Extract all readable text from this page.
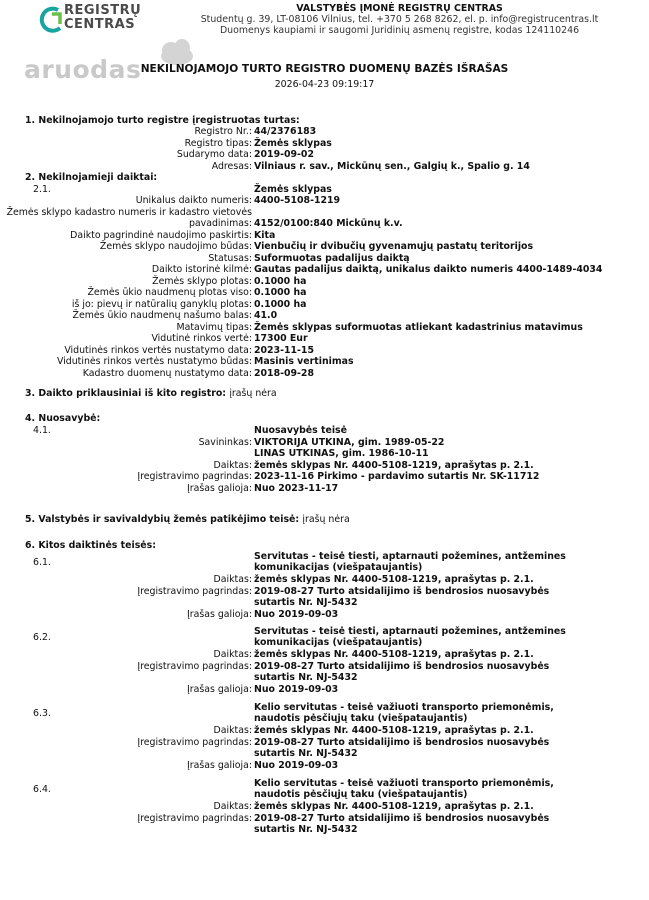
REGISTRŲ
CENTRAS
VALSTYBĖS ĮMONĖ REGISTRŲ CENTRAS
Studentų g. 39, LT-08106 Vilnius, tel. +370 5 268 8262, el. p. info@registrucentras.lt
Duomenys kaupiami ir saugomi Juridinių asmenų registre, kodas 124110246
aruodas NEKILNOJAMOJO TURTO REGISTRO DUOMENŲ BAZĖS IŠRAŠAS
2026-04-23 09:19:17
1. Nekilnojamojo turto registre įregistruotas turtas:
Registro Nr.: 44/2376183
Registro tipas: Žemės sklypas
Sudarymo data: 2019-09-02
Adresas: Vilniaus r. sav., Mickūnų sen., Galgių k., Spalio g. 14
2. Nekilnojamieji daiktai:
2.1.	Žemės sklypas
Unikalus daikto numeris: 4400-5108-1219
Žemės sklypo kadastro numeris ir kadastro vietovės
pavadinimas: 4152/0100:840 Mickūnų k.v.
Daikto pagrindinė naudojimo paskirtis: Kita
Žemės sklypo naudojimo būdas: Vienbučių ir dvibučių gyvenamųjų pastatų teritorijos
Statusas: Suformuotas padalijus daiktą
Daikto istorinė kilmė: Gautas padalijus daiktą, unikalus daikto numeris 4400-1489-4034
Žemės sklypo plotas: 0.1000 ha
Žemės ūkio naudmenų plotas viso: 0.1000 ha
iš jo: pievų ir natūralių ganyklų plotas: 0.1000 ha
Žemės ūkio naudmenų našumo balas: 41.0
Matavimų tipas: Žemės sklypas suformuotas atliekant kadastrinius matavimus
Vidutinė rinkos vertė: 17300 Eur
Vidutinės rinkos vertės nustatymo data: 2023-11-15
Vidutinės rinkos vertės nustatymo būdas: Masinis vertinimas
Kadastro duomenų nustatymo data: 2018-09-28
3. Daikto priklausiniai iš kito registro: įrašų nėra
4. Nuosavybė:
4.1.	Nuosavybės teisė
Savininkas: VIKTORIJA UTKINA, gim. 1989-05-22
LINAS UTKINAS, gim. 1986-10-11
Daiktas: žemės sklypas Nr. 4400-5108-1219, aprašytas p. 2.1.
Įregistravimo pagrindas: 2023-11-16 Pirkimo - pardavimo sutartis Nr. SK-11712
Įrašas galioja: Nuo 2023-11-17
5. Valstybės ir savivaldybių žemės patikėjimo teisė: įrašų nėra
6. Kitos daiktinės teisės:
6.1.
Servitutas - teisė tiesti, aptarnauti požemines, antžemines komunikacijas (viešpataujantis)
Daiktas: žemės sklypas Nr. 4400-5108-1219, aprašytas p. 2.1.
Įregistravimo pagrindas: 2019-08-27 Turto atsidalijimo iš bendrosios nuosavybės sutartis Nr. NJ-5432
Įrašas galioja: Nuo 2019-09-03
6.2.
Servitutas - teisė tiesti, aptarnauti požemines, antžemines komunikacijas (viešpataujantis)
Daiktas: žemės sklypas Nr. 4400-5108-1219, aprašytas p. 2.1.
Įregistravimo pagrindas: 2019-08-27 Turto atsidalijimo iš bendrosios nuosavybės sutartis Nr. NJ-5432
Įrašas galioja: Nuo 2019-09-03
6.3.
Kelio servitutas - teisė važiuoti transporto priemonėmis, naudotis pėsčiųjų taku (viešpataujantis)
Daiktas: žemės sklypas Nr. 4400-5108-1219, aprašytas p. 2.1.
Įregistravimo pagrindas: 2019-08-27 Turto atsidalijimo iš bendrosios nuosavybės sutartis Nr. NJ-5432
Įrašas galioja: Nuo 2019-09-03
6.4.
Kelio servitutas - teisė važiuoti transporto priemonėmis, naudotis pėsčiųjų taku (viešpataujantis)
Daiktas: žemės sklypas Nr. 4400-5108-1219, aprašytas p. 2.1.
Įregistravimo pagrindas: 2019-08-27 Turto atsidalijimo iš bendrosios nuosavybės sutartis Nr. NJ-5432
